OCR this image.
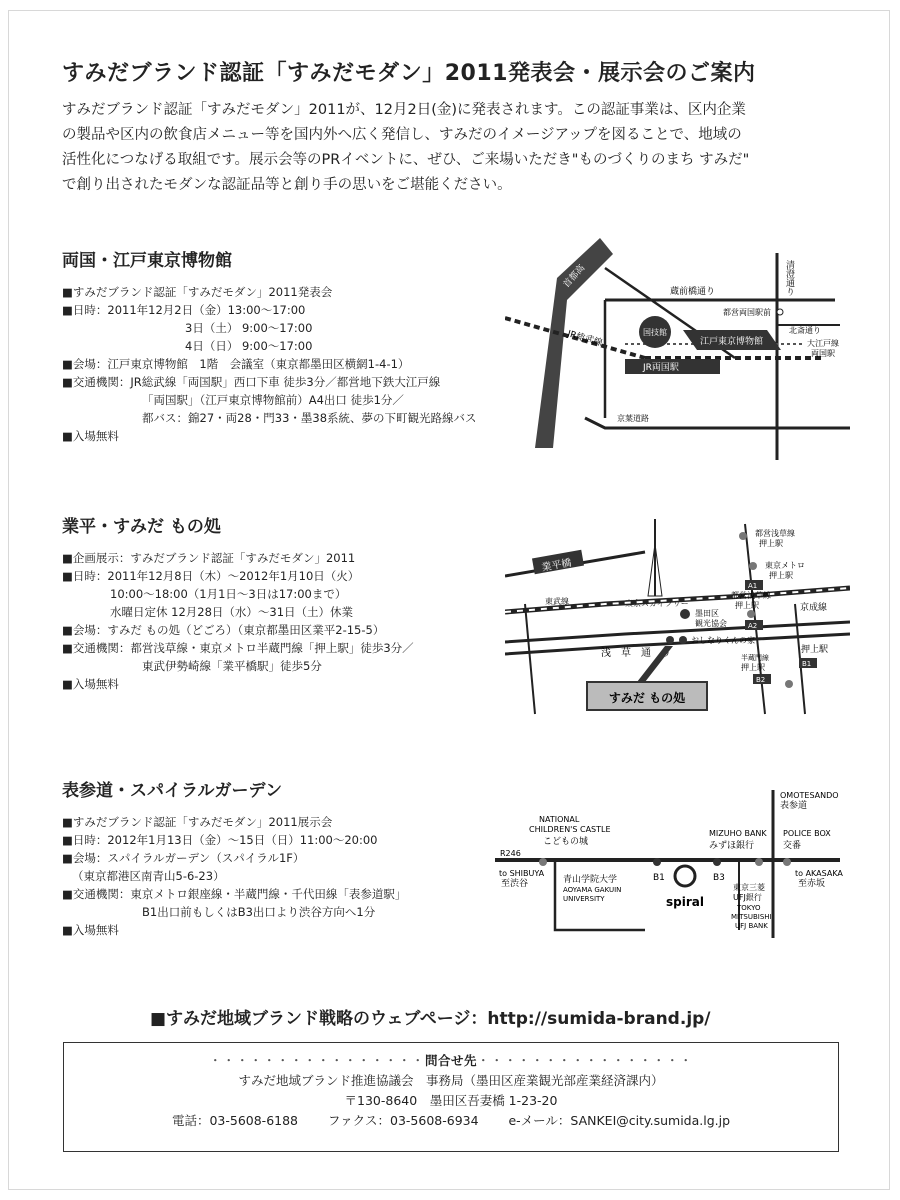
すみだブランド認証「すみだモダン」2011発表会・展示会のご案内

すみだブランド認証「すみだモダン」2011が、12月2日(金)に発表されます。この認証事業は、区内企業

の製品や区内の飲食店メニュー等を国内外へ広く発信し、すみだのイメージアップを図ることで、地域の

活性化につなげる取組です。展示会等のPRイベントに、ぜひ、ご来場いただき"ものづくりのまち すみだ"

で創り出されたモダンな認証品等と創り手の思いをご堪能ください。

両国・江戸東京博物館
■すみだブランド認証「すみだモダン」2011発表会
■日時：2011年12月2日（金）13:00～17:00
3日（土） 9:00～17:00
4日（日） 9:00～17:00
■会場：江戸東京博物館　1階　会議室（東京都墨田区横網1-4-1）
■交通機関：JR総武線「両国駅」西口下車 徒歩3分／都営地下鉄大江戸線
「両国駅」（江戸東京博物館前）A4出口 徒歩1分／
都バス：錦27・両28・門33・墨38系統、夢の下町観光路線バス
■入場無料
業平・すみだ もの処
■企画展示：すみだブランド認証「すみだモダン」2011
■日時：2011年12月8日（木）～2012年1月10日（火）
10:00～18:00（1月1日～3日は17:00まで）
水曜日定休 12月28日（水）～31日（土）休業
■会場：すみだ もの処（どごろ）（東京都墨田区業平2-15-5）
■交通機関：都営浅草線・東京メトロ半蔵門線「押上駅」徒歩3分／
東武伊勢崎線「業平橋駅」徒歩5分
■入場無料
表参道・スパイラルガーデン
■すみだブランド認証「すみだモダン」2011展示会
■日時：2012年1月13日（金）～15日（日）11:00～20:00
■会場：スパイラルガーデン（スパイラル1F）
（東京都港区南青山5-6-23）
■交通機関：東京メトロ銀座線・半蔵門線・千代田線「表参道駅」
B1出口前もしくはB3出口より渋谷方向へ1分
■入場無料
首都高
蔵前橋通り	清澄通り
北斎通り
都営両国駅前
JR総武線	大江戸線
両国駅
国技館
江戸東京博物館
JR両国駅
京葉道路
業平橋
東京スカイツリー
東武線
浅　草　通　り
墨田区
観光協会
おしなりくんの家
都営浅草線
押上駅
東京メトロ
押上駅
A1
都営浅草線
押上駅
A2
京成線
押上駅
B1
半蔵門線
押上駅
B2
すみだ もの処
OMOTESANDO
表参道
R246
to SHIBUYA
至渋谷
to AKASAKA
至赤坂
NATIONAL
CHILDREN'S CASTLE
こどもの城
MIZUHO BANK
みずほ銀行
POLICE BOX
交番
青山学院大学
AOYAMA GAKUIN
UNIVERSITY
B1	B3
spiral
東京三菱
UFJ銀行
TOKYO
MITSUBISHI
UFJ BANK
■すみだ地域ブランド戦略のウェブページ：http://sumida-brand.jp/
・・・・・・・・・・・・・・・・問合せ先・・・・・・・・・・・・・・・・
すみだ地域ブランド推進協議会　事務局（墨田区産業観光部産業経済課内）
〒130-8640　墨田区吾妻橋 1-23-20
電話：03-5608-6188 ファクス：03-5608-6934 e-メール：SANKEI@city.sumida.lg.jp
